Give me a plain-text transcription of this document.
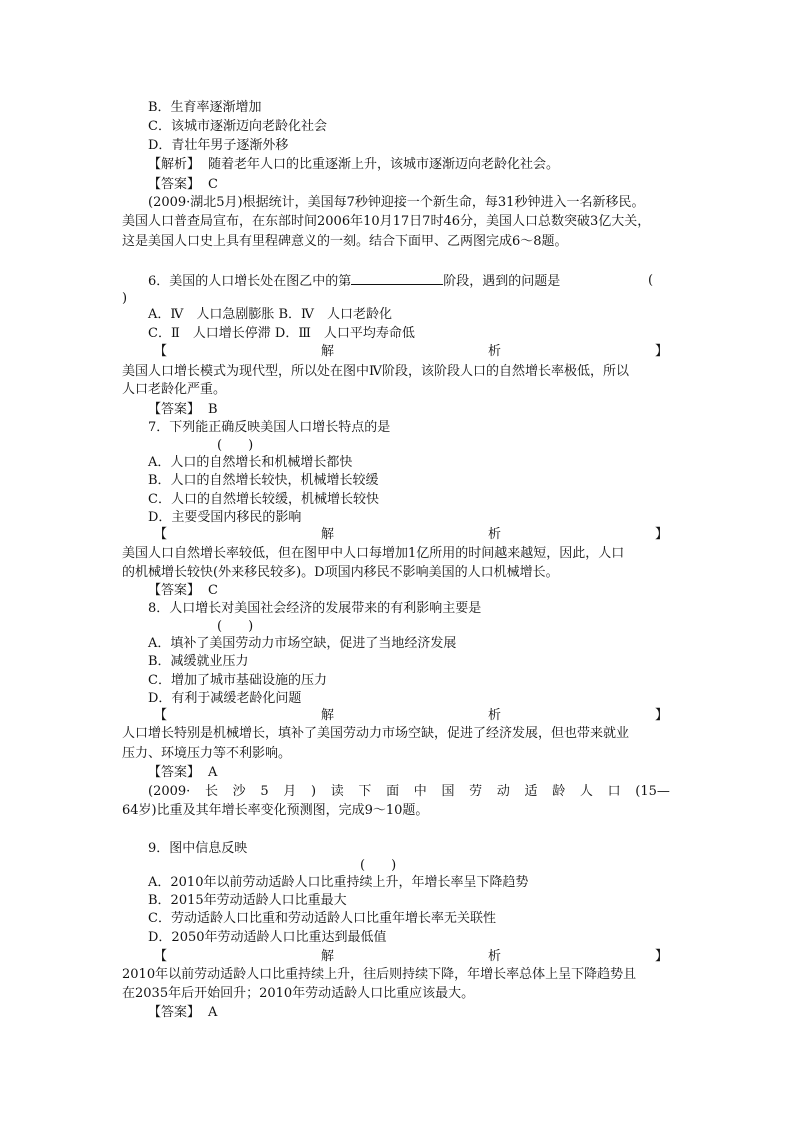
B．生育率逐渐增加
C．该城市逐渐迈向老龄化社会
D．青壮年男子逐渐外移
【解析】 随着老年人口的比重逐渐上升，该城市逐渐迈向老龄化社会。
【答案】 C
(2009·湖北5月)根据统计，美国每7秒钟迎接一个新生命，每31秒钟进入一名新移民。
美国人口普查局宣布，在东部时间2006年10月17日7时46分，美国人口总数突破3亿大关，
这是美国人口史上具有里程碑意义的一刻。结合下面甲、乙两图完成6～8题。
6．美国的人口增长处在图乙中的第	阶段，遇到的问题是	(
)
A．Ⅳ　人口急剧膨胀 B．Ⅳ　人口老龄化
C．Ⅱ　人口增长停滞 D．Ⅲ　人口平均寿命低
【	解	析	】
美国人口增长模式为现代型，所以处在图中Ⅳ阶段，该阶段人口的自然增长率极低，所以
人口老龄化严重。
【答案】 B
7．下列能正确反映美国人口增长特点的是
(　　)
A．人口的自然增长和机械增长都快
B．人口的自然增长较快，机械增长较缓
C．人口的自然增长较缓，机械增长较快
D．主要受国内移民的影响
【	解	析	】
美国人口自然增长率较低，但在图甲中人口每增加1亿所用的时间越来越短，因此，人口
的机械增长较快(外来移民较多)。D项国内移民不影响美国的人口机械增长。
【答案】 C
8．人口增长对美国社会经济的发展带来的有利影响主要是
(　　)
A．填补了美国劳动力市场空缺，促进了当地经济发展
B．减缓就业压力
C．增加了城市基础设施的压力
D．有利于减缓老龄化问题
【	解	析	】
人口增长特别是机械增长，填补了美国劳动力市场空缺，促进了经济发展，但也带来就业
压力、环境压力等不利影响。
【答案】 A
(2009· 长 沙 5 月 ) 读 下 面 中 国 劳 动 适 龄 人 口 (15—
64岁)比重及其年增长率变化预测图，完成9～10题。
9．图中信息反映
(　　)
A．2010年以前劳动适龄人口比重持续上升，年增长率呈下降趋势
B．2015年劳动适龄人口比重最大
C．劳动适龄人口比重和劳动适龄人口比重年增长率无关联性
D．2050年劳动适龄人口比重达到最低值
【	解	析	】
2010年以前劳动适龄人口比重持续上升，往后则持续下降，年增长率总体上呈下降趋势且
在2035年后开始回升；2010年劳动适龄人口比重应该最大。
【答案】 A
